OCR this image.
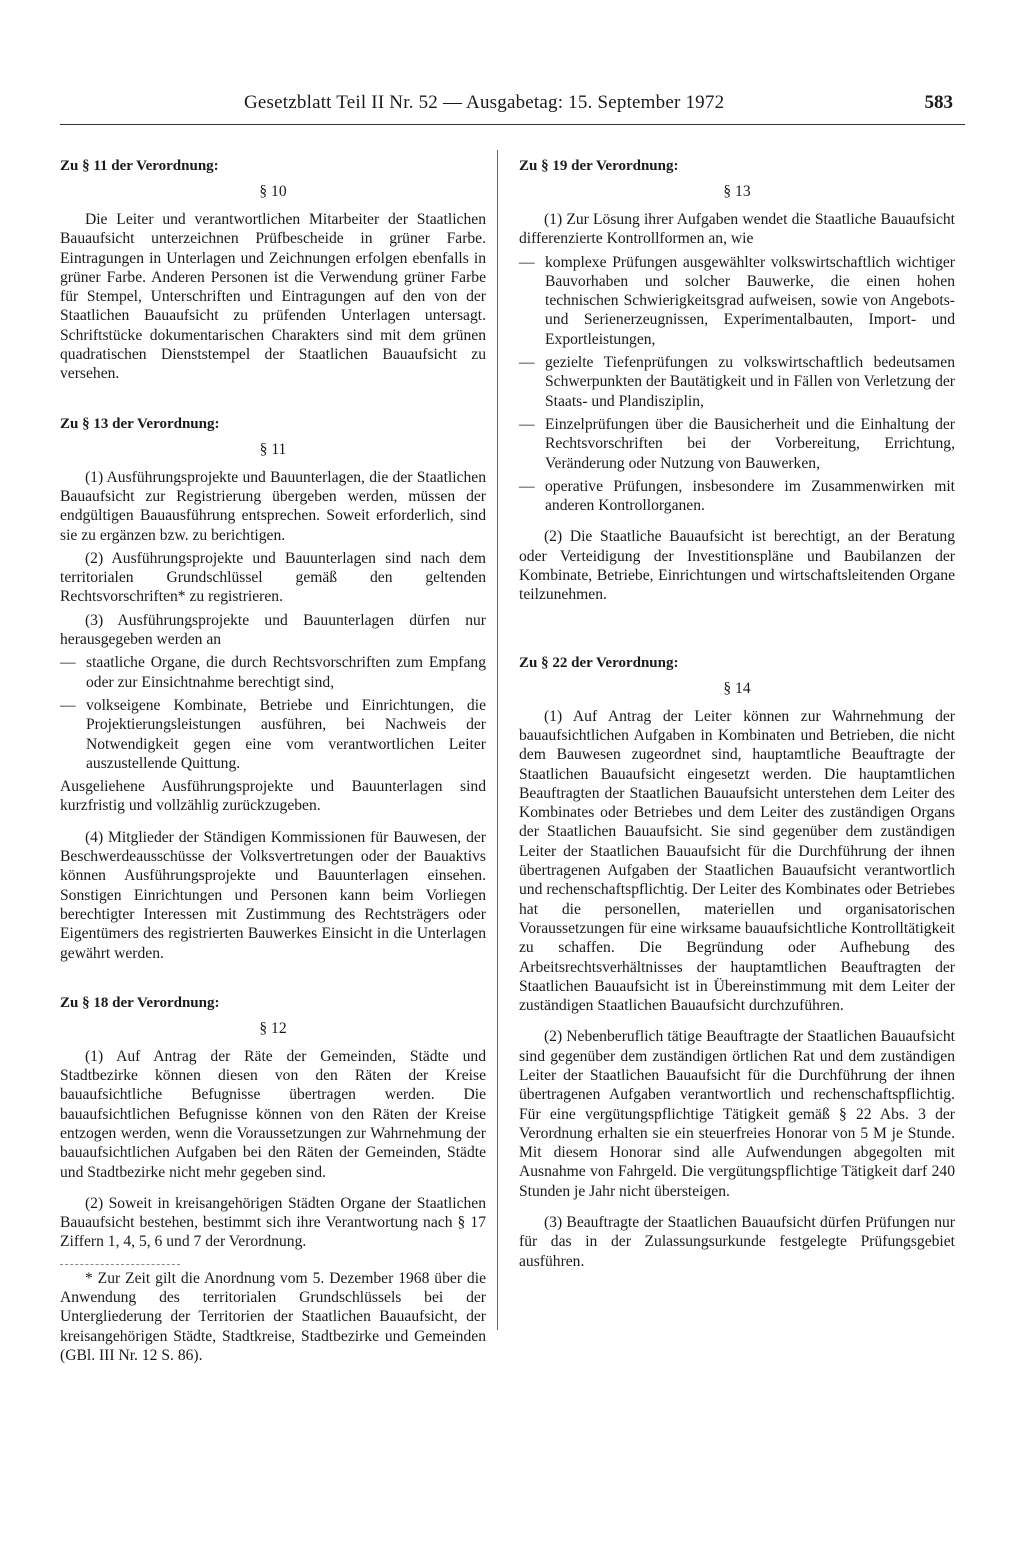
Gesetzblatt Teil II Nr. 52 — Ausgabetag: 15. September 1972	583
Zu § 11 der Verordnung:
§ 10

Die Leiter und verantwortlichen Mitarbeiter der Staatlichen Bauaufsicht unterzeichnen Prüfbescheide in grüner Farbe. Eintragungen in Unterlagen und Zeichnungen erfolgen ebenfalls in grüner Farbe. Anderen Personen ist die Verwendung grüner Farbe für Stempel, Unterschriften und Eintragungen auf den von der Staatlichen Bauaufsicht zu prüfenden Unterlagen untersagt. Schriftstücke dokumentarischen Charakters sind mit dem grünen quadratischen Dienststempel der Staatlichen Bauaufsicht zu versehen.

Zu § 13 der Verordnung:
§ 11

(1) Ausführungsprojekte und Bauunterlagen, die der Staatlichen Bauaufsicht zur Registrierung übergeben werden, müssen der endgültigen Bauausführung entsprechen. Soweit erforderlich, sind sie zu ergänzen bzw. zu berichtigen.

(2) Ausführungsprojekte und Bauunterlagen sind nach dem territorialen Grundschlüssel gemäß den geltenden Rechtsvorschriften* zu registrieren.

(3) Ausführungsprojekte und Bauunterlagen dürfen nur herausgegeben werden an

— staatliche Organe, die durch Rechtsvorschriften zum Empfang oder zur Einsichtnahme berechtigt sind,
— volkseigene Kombinate, Betriebe und Einrichtungen, die Projektierungsleistungen ausführen, bei Nachweis der Notwendigkeit gegen eine vom verantwortlichen Leiter auszustellende Quittung.

Ausgeliehene Ausführungsprojekte und Bauunterlagen sind kurzfristig und vollzählig zurückzugeben.

(4) Mitglieder der Ständigen Kommissionen für Bauwesen, der Beschwerdeausschüsse der Volksvertretungen oder der Bauaktivs können Ausführungsprojekte und Bauunterlagen einsehen. Sonstigen Einrichtungen und Personen kann beim Vorliegen berechtigter Interessen mit Zustimmung des Rechtsträgers oder Eigentümers des registrierten Bauwerkes Einsicht in die Unterlagen gewährt werden.

Zu § 18 der Verordnung:
§ 12

(1) Auf Antrag der Räte der Gemeinden, Städte und Stadtbezirke können diesen von den Räten der Kreise bauaufsichtliche Befugnisse übertragen werden. Die bauaufsichtlichen Befugnisse können von den Räten der Kreise entzogen werden, wenn die Voraussetzungen zur Wahrnehmung der bauaufsichtlichen Aufgaben bei den Räten der Gemeinden, Städte und Stadtbezirke nicht mehr gegeben sind.

(2) Soweit in kreisangehörigen Städten Organe der Staatlichen Bauaufsicht bestehen, bestimmt sich ihre Verantwortung nach § 17 Ziffern 1, 4, 5, 6 und 7 der Verordnung.

* Zur Zeit gilt die Anordnung vom 5. Dezember 1968 über die Anwendung des territorialen Grundschlüssels bei der Untergliederung der Territorien der Staatlichen Bauaufsicht, der kreisangehörigen Städte, Stadtkreise, Stadtbezirke und Gemeinden (GBl. III Nr. 12 S. 86).

Zu § 19 der Verordnung:
§ 13

(1) Zur Lösung ihrer Aufgaben wendet die Staatliche Bauaufsicht differenzierte Kontrollformen an, wie

— komplexe Prüfungen ausgewählter volkswirtschaftlich wichtiger Bauvorhaben und solcher Bauwerke, die einen hohen technischen Schwierigkeitsgrad aufweisen, sowie von Angebots- und Serienerzeugnissen, Experimentalbauten, Import- und Exportleistungen,
— gezielte Tiefenprüfungen zu volkswirtschaftlich bedeutsamen Schwerpunkten der Bautätigkeit und in Fällen von Verletzung der Staats- und Plandisziplin,
— Einzelprüfungen über die Bausicherheit und die Einhaltung der Rechtsvorschriften bei der Vorbereitung, Errichtung, Veränderung oder Nutzung von Bauwerken,
— operative Prüfungen, insbesondere im Zusammenwirken mit anderen Kontrollorganen.

(2) Die Staatliche Bauaufsicht ist berechtigt, an der Beratung oder Verteidigung der Investitionspläne und Baubilanzen der Kombinate, Betriebe, Einrichtungen und wirtschaftsleitenden Organe teilzunehmen.

Zu § 22 der Verordnung:
§ 14

(1) Auf Antrag der Leiter können zur Wahrnehmung der bauaufsichtlichen Aufgaben in Kombinaten und Betrieben, die nicht dem Bauwesen zugeordnet sind, hauptamtliche Beauftragte der Staatlichen Bauaufsicht eingesetzt werden. Die hauptamtlichen Beauftragten der Staatlichen Bauaufsicht unterstehen dem Leiter des Kombinates oder Betriebes und dem Leiter des zuständigen Organs der Staatlichen Bauaufsicht. Sie sind gegenüber dem zuständigen Leiter der Staatlichen Bauaufsicht für die Durchführung der ihnen übertragenen Aufgaben der Staatlichen Bauaufsicht verantwortlich und rechenschaftspflichtig. Der Leiter des Kombinates oder Betriebes hat die personellen, materiellen und organisatorischen Voraussetzungen für eine wirksame bauaufsichtliche Kontrolltätigkeit zu schaffen. Die Begründung oder Aufhebung des Arbeitsrechtsverhältnisses der hauptamtlichen Beauftragten der Staatlichen Bauaufsicht ist in Übereinstimmung mit dem Leiter der zuständigen Staatlichen Bauaufsicht durchzuführen.

(2) Nebenberuflich tätige Beauftragte der Staatlichen Bauaufsicht sind gegenüber dem zuständigen örtlichen Rat und dem zuständigen Leiter der Staatlichen Bauaufsicht für die Durchführung der ihnen übertragenen Aufgaben verantwortlich und rechenschaftspflichtig. Für eine vergütungspflichtige Tätigkeit gemäß § 22 Abs. 3 der Verordnung erhalten sie ein steuerfreies Honorar von 5 M je Stunde. Mit diesem Honorar sind alle Aufwendungen abgegolten mit Ausnahme von Fahrgeld. Die vergütungspflichtige Tätigkeit darf 240 Stunden je Jahr nicht übersteigen.

(3) Beauftragte der Staatlichen Bauaufsicht dürfen Prüfungen nur für das in der Zulassungsurkunde festgelegte Prüfungsgebiet ausführen.
